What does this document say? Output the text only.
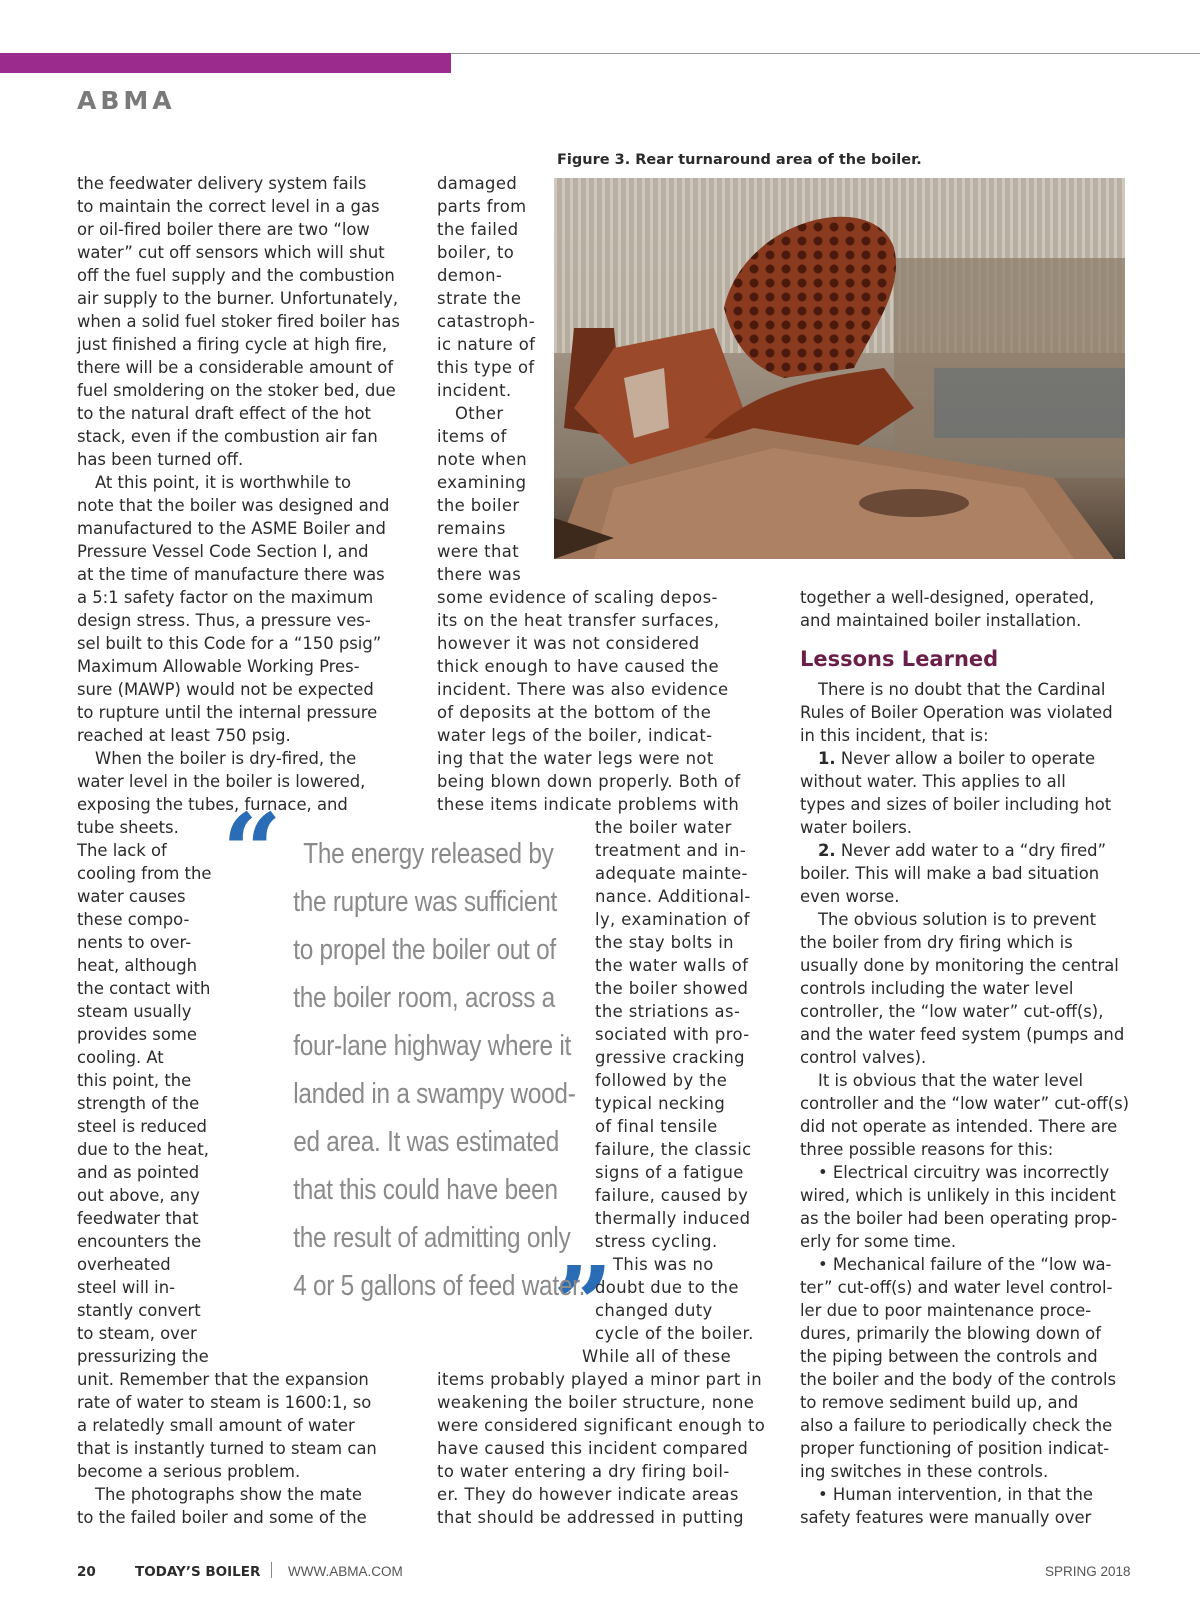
ABMA
Figure 3. Rear turnaround area of the boiler.
Lessons Learned
“
”
The energy released by
the rupture was sufficient
to propel the boiler out of
the boiler room, across a
four-lane highway where it
landed in a swampy wood-
ed area. It was estimated
that this could have been
the result of admitting only
4 or 5 gallons of feed water.
the feedwater delivery system fails
to maintain the correct level in a gas
or oil-fired boiler there are two “low
water” cut off sensors which will shut
off the fuel supply and the combustion
air supply to the burner. Unfortunately,
when a solid fuel stoker fired boiler has
just finished a firing cycle at high fire,
there will be a considerable amount of
fuel smoldering on the stoker bed, due
to the natural draft effect of the hot
stack, even if the combustion air fan
has been turned off.
At this point, it is worthwhile to
note that the boiler was designed and
manufactured to the ASME Boiler and
Pressure Vessel Code Section I, and
at the time of manufacture there was
a 5:1 safety factor on the maximum
design stress. Thus, a pressure ves-
sel built to this Code for a “150 psig”
Maximum Allowable Working Pres-
sure (MAWP) would not be expected
to rupture until the internal pressure
reached at least 750 psig.
When the boiler is dry-fired, the
water level in the boiler is lowered,
exposing the tubes, furnace, and
tube sheets.
The lack of
cooling from the
water causes
these compo-
nents to over-
heat, although
the contact with
steam usually
provides some
cooling. At
this point, the
strength of the
steel is reduced
due to the heat,
and as pointed
out above, any
feedwater that
encounters the
overheated
steel will in-
stantly convert
to steam, over
pressurizing the
unit. Remember that the expansion
rate of water to steam is 1600:1, so
a relatedly small amount of water
that is instantly turned to steam can
become a serious problem.
The photographs show the mate
to the failed boiler and some of the
damaged
parts from
the failed
boiler, to
demon-
strate the
catastroph-
ic nature of
this type of
incident.
Other
items of
note when
examining
the boiler
remains
were that
there was
some evidence of scaling depos-
its on the heat transfer surfaces,
however it was not considered
thick enough to have caused the
incident. There was also evidence
of deposits at the bottom of the
water legs of the boiler, indicat-
ing that the water legs were not
being blown down properly. Both of
these items indicate problems with
the boiler water
treatment and in-
adequate mainte-
nance. Additional-
ly, examination of
the stay bolts in
the water walls of
the boiler showed
the striations as-
sociated with pro-
gressive cracking
followed by the
typical necking
of final tensile
failure, the classic
signs of a fatigue
failure, caused by
thermally induced
stress cycling.
This was no
doubt due to the
changed duty
cycle of the boiler.
While all of these
items probably played a minor part in
weakening the boiler structure, none
were considered significant enough to
have caused this incident compared
to water entering a dry firing boil-
er. They do however indicate areas
that should be addressed in putting
together a well-designed, operated,
and maintained boiler installation.
There is no doubt that the Cardinal
Rules of Boiler Operation was violated
in this incident, that is:
1. Never allow a boiler to operate
without water. This applies to all
types and sizes of boiler including hot
water boilers.
2. Never add water to a “dry fired”
boiler. This will make a bad situation
even worse.
The obvious solution is to prevent
the boiler from dry firing which is
usually done by monitoring the central
controls including the water level
controller, the “low water” cut-off(s),
and the water feed system (pumps and
control valves).
It is obvious that the water level
controller and the “low water” cut-off(s)
did not operate as intended. There are
three possible reasons for this:
• Electrical circuitry was incorrectly
wired, which is unlikely in this incident
as the boiler had been operating prop-
erly for some time.
• Mechanical failure of the “low wa-
ter” cut-off(s) and water level control-
ler due to poor maintenance proce-
dures, primarily the blowing down of
the piping between the controls and
the boiler and the body of the controls
to remove sediment build up, and
also a failure to periodically check the
proper functioning of position indicat-
ing switches in these controls.
• Human intervention, in that the
safety features were manually over
20	TODAY’S BOILER WWW.ABMA.COM	SPRING 2018
